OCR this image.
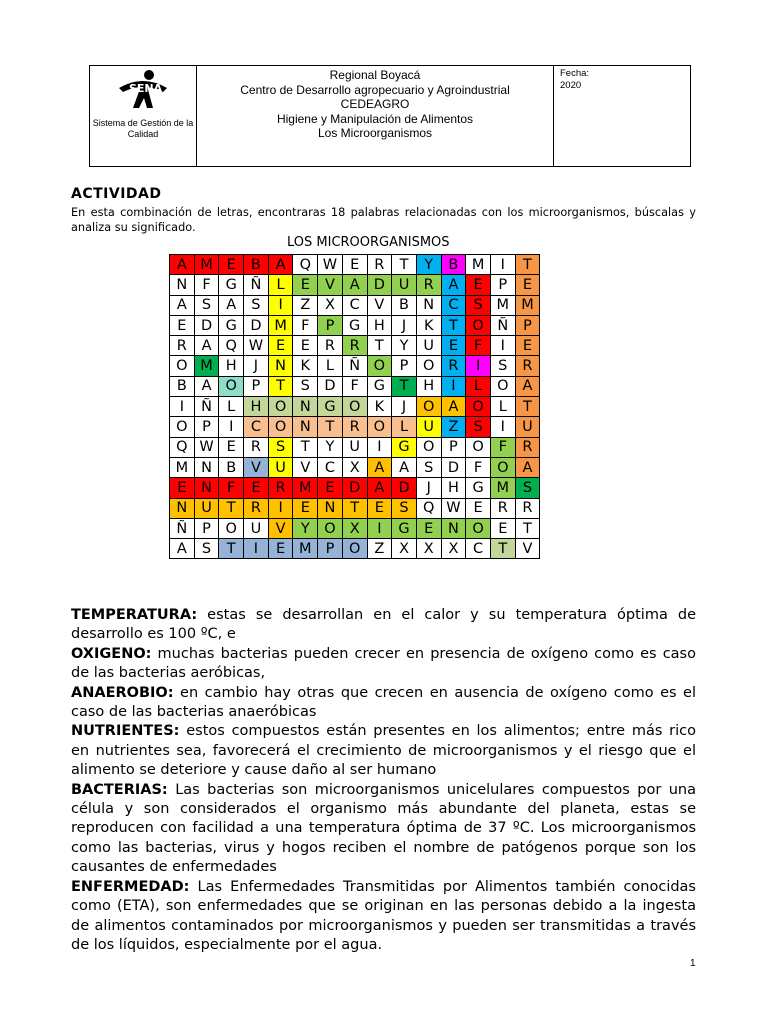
SENA
Sistema de Gestión de la Calidad

Regional Boyacá
Centro de Desarrollo agropecuario y Agroindustrial
CEDEAGRO
Higiene y Manipulación de Alimentos
Los Microorganismos

Fecha:
2020
ACTIVIDAD
En esta combinación de letras, encontraras 18 palabras relacionadas con los microorganismos, búscalas y analiza su significado.
LOS MICROORGANISMOS
A	M	E	B	A	Q	W	E	R	T	Y	B	M	I	T
N	F	G	Ñ	L	E	V	A	D	U	R	A	E	P	E
A	S	A	S	I	Z	X	C	V	B	N	C	S	M	M
E	D	G	D	M	F	P	G	H	J	K	T	O	Ñ	P
R	A	Q	W	E	E	R	R	T	Y	U	E	F	I	E
O	M	H	J	N	K	L	Ñ	O	P	O	R	I	S	R
B	A	O	P	T	S	D	F	G	T	H	I	L	O	A
I	Ñ	L	H	O	N	G	O	K	J	O	A	O	L	T
O	P	I	C	O	N	T	R	O	L	U	Z	S	I	U
Q	W	E	R	S	T	Y	U	I	G	O	P	O	F	R
M	N	B	V	U	V	C	X	A	A	S	D	F	O	A
E	N	F	E	R	M	E	D	A	D	J	H	G	M	S
N	U	T	R	I	E	N	T	E	S	Q	W	E	R	R
Ñ	P	O	U	V	Y	O	X	I	G	E	N	O	E	T
A	S	T	I	E	M	P	O	Z	X	X	X	C	T	V

TEMPERATURA: estas se desarrollan en el calor y su temperatura óptima de desarrollo es 100 ºC, e

OXIGENO: muchas bacterias pueden crecer en presencia de oxígeno como es caso de las bacterias aeróbicas,

ANAEROBIO: en cambio hay otras que crecen en ausencia de oxígeno como es el caso de las bacterias anaeróbicas

NUTRIENTES: estos compuestos están presentes en los alimentos; entre más rico en nutrientes sea, favorecerá el crecimiento de microorganismos y el riesgo que el alimento se deteriore y cause daño al ser humano

BACTERIAS: Las bacterias son microorganismos unicelulares compuestos por una célula y son considerados el organismo más abundante del planeta, estas se reproducen con facilidad a una temperatura óptima de 37 ºC. Los microorganismos como las bacterias, virus y hogos reciben el nombre de patógenos porque son los causantes de enfermedades

ENFERMEDAD: Las Enfermedades Transmitidas por Alimentos también conocidas como (ETA), son enfermedades que se originan en las personas debido a la ingesta de alimentos contaminados por microorganismos y pueden ser transmitidas a través de los líquidos, especialmente por el agua.

1
